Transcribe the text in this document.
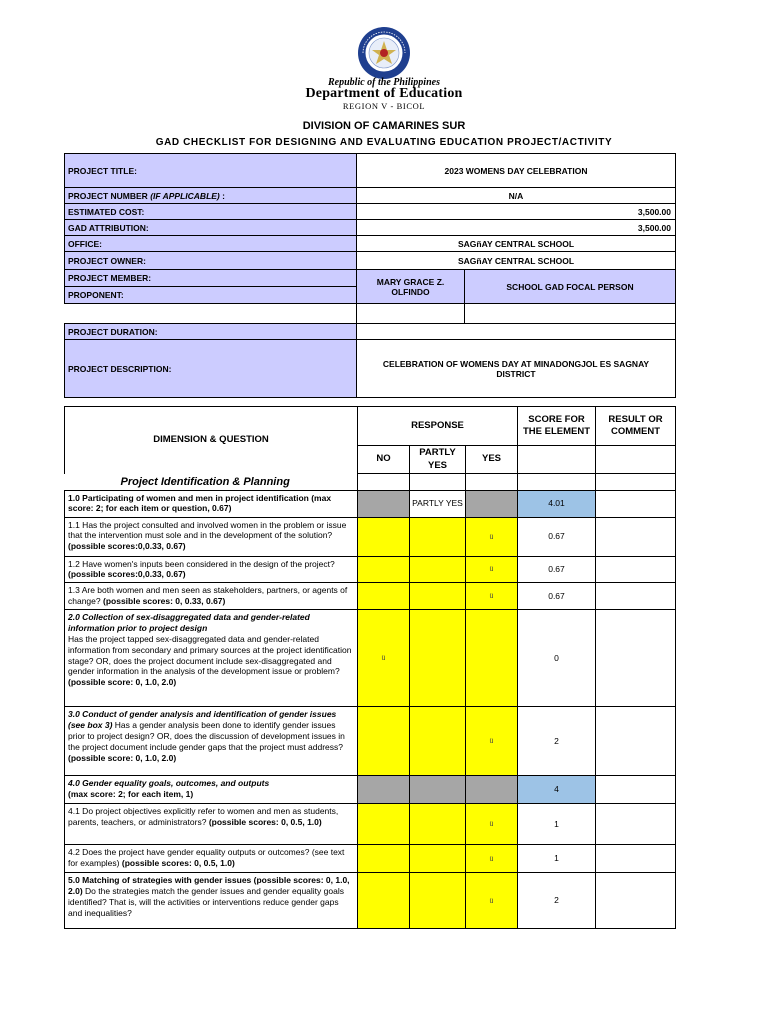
Republic of the Philippines
Department of Education
REGION V - BICOL
DIVISION OF CAMARINES SUR
GAD CHECKLIST FOR DESIGNING AND EVALUATING EDUCATION PROJECT/ACTIVITY
PROJECT TITLE:	2023 WOMENS DAY CELEBRATION	
PROJECT NUMBER (IF APPLICABLE) :	N/A	
ESTIMATED COST:	3,500.00	
GAD ATTRIBUTION:	3,500.00	
OFFICE:	SAGñAY CENTRAL SCHOOL	
PROJECT OWNER:	SAGñAY CENTRAL SCHOOL	
PROJECT MEMBER:	MARY GRACE Z. OLFINDO	SCHOOL GAD FOCAL PERSON
PROPONENT:		

PROJECT DURATION:		
PROJECT DESCRIPTION:	CELEBRATION OF WOMENS DAY AT MINADONGJOL ES SAGNAY DISTRICT	
DIMENSION & QUESTION	RESPONSE			SCORE FOR THE ELEMENT	RESULT OR COMMENT
	NO	PARTLY YES	YES		
Project Identification & Planning					
1.0 Participating of women and men in project identification (max score: 2; for each item or question, 0.67)		PARTLY YES		4.01	
1.1 Has the project consulted and involved women in the problem or issue that the intervention must sole and in the development of the solution? (possible scores:0,0.33, 0.67)			ü	0.67	
1.2 Have women's inputs been considered in the design of the project? (possible scores:0,0.33, 0.67)			ü	0.67	
1.3 Are both women and men seen as stakeholders, partners, or agents of change? (possible scores: 0, 0.33, 0.67)			ü	0.67	
2.0 Collection of sex-disaggregated data and gender-related information prior to project design
Has the project tapped sex-disaggregated data and gender-related information from secondary and primary sources at the project identification stage? OR, does the project document include sex-disaggregated and gender information in the analysis of the development issue or problem? (possible score: 0, 1.0, 2.0)	ü			0	
3.0 Conduct of gender analysis and identification of gender issues (see box 3) Has a gender analysis been done to identify gender issues prior to project design? OR, does the discussion of development issues in the project document include gender gaps that the project must address? (possible score: 0, 1.0, 2.0)			ü	2	
4.0 Gender equality goals, outcomes, and outputs
(max score: 2; for each item, 1)				4	
4.1 Do project objectives explicitly refer to women and men as students, parents, teachers, or administrators? (possible scores: 0, 0.5, 1.0)			ü	1	
4.2 Does the project have gender equality outputs or outcomes? (see text for examples) (possible scores: 0, 0.5, 1.0)			ü	1	
5.0 Matching of strategies with gender issues (possible scores: 0, 1.0, 2.0) Do the strategies match the gender issues and gender equality goals identified? That is, will the activities or interventions reduce gender gaps and inequalities?			ü	2	
